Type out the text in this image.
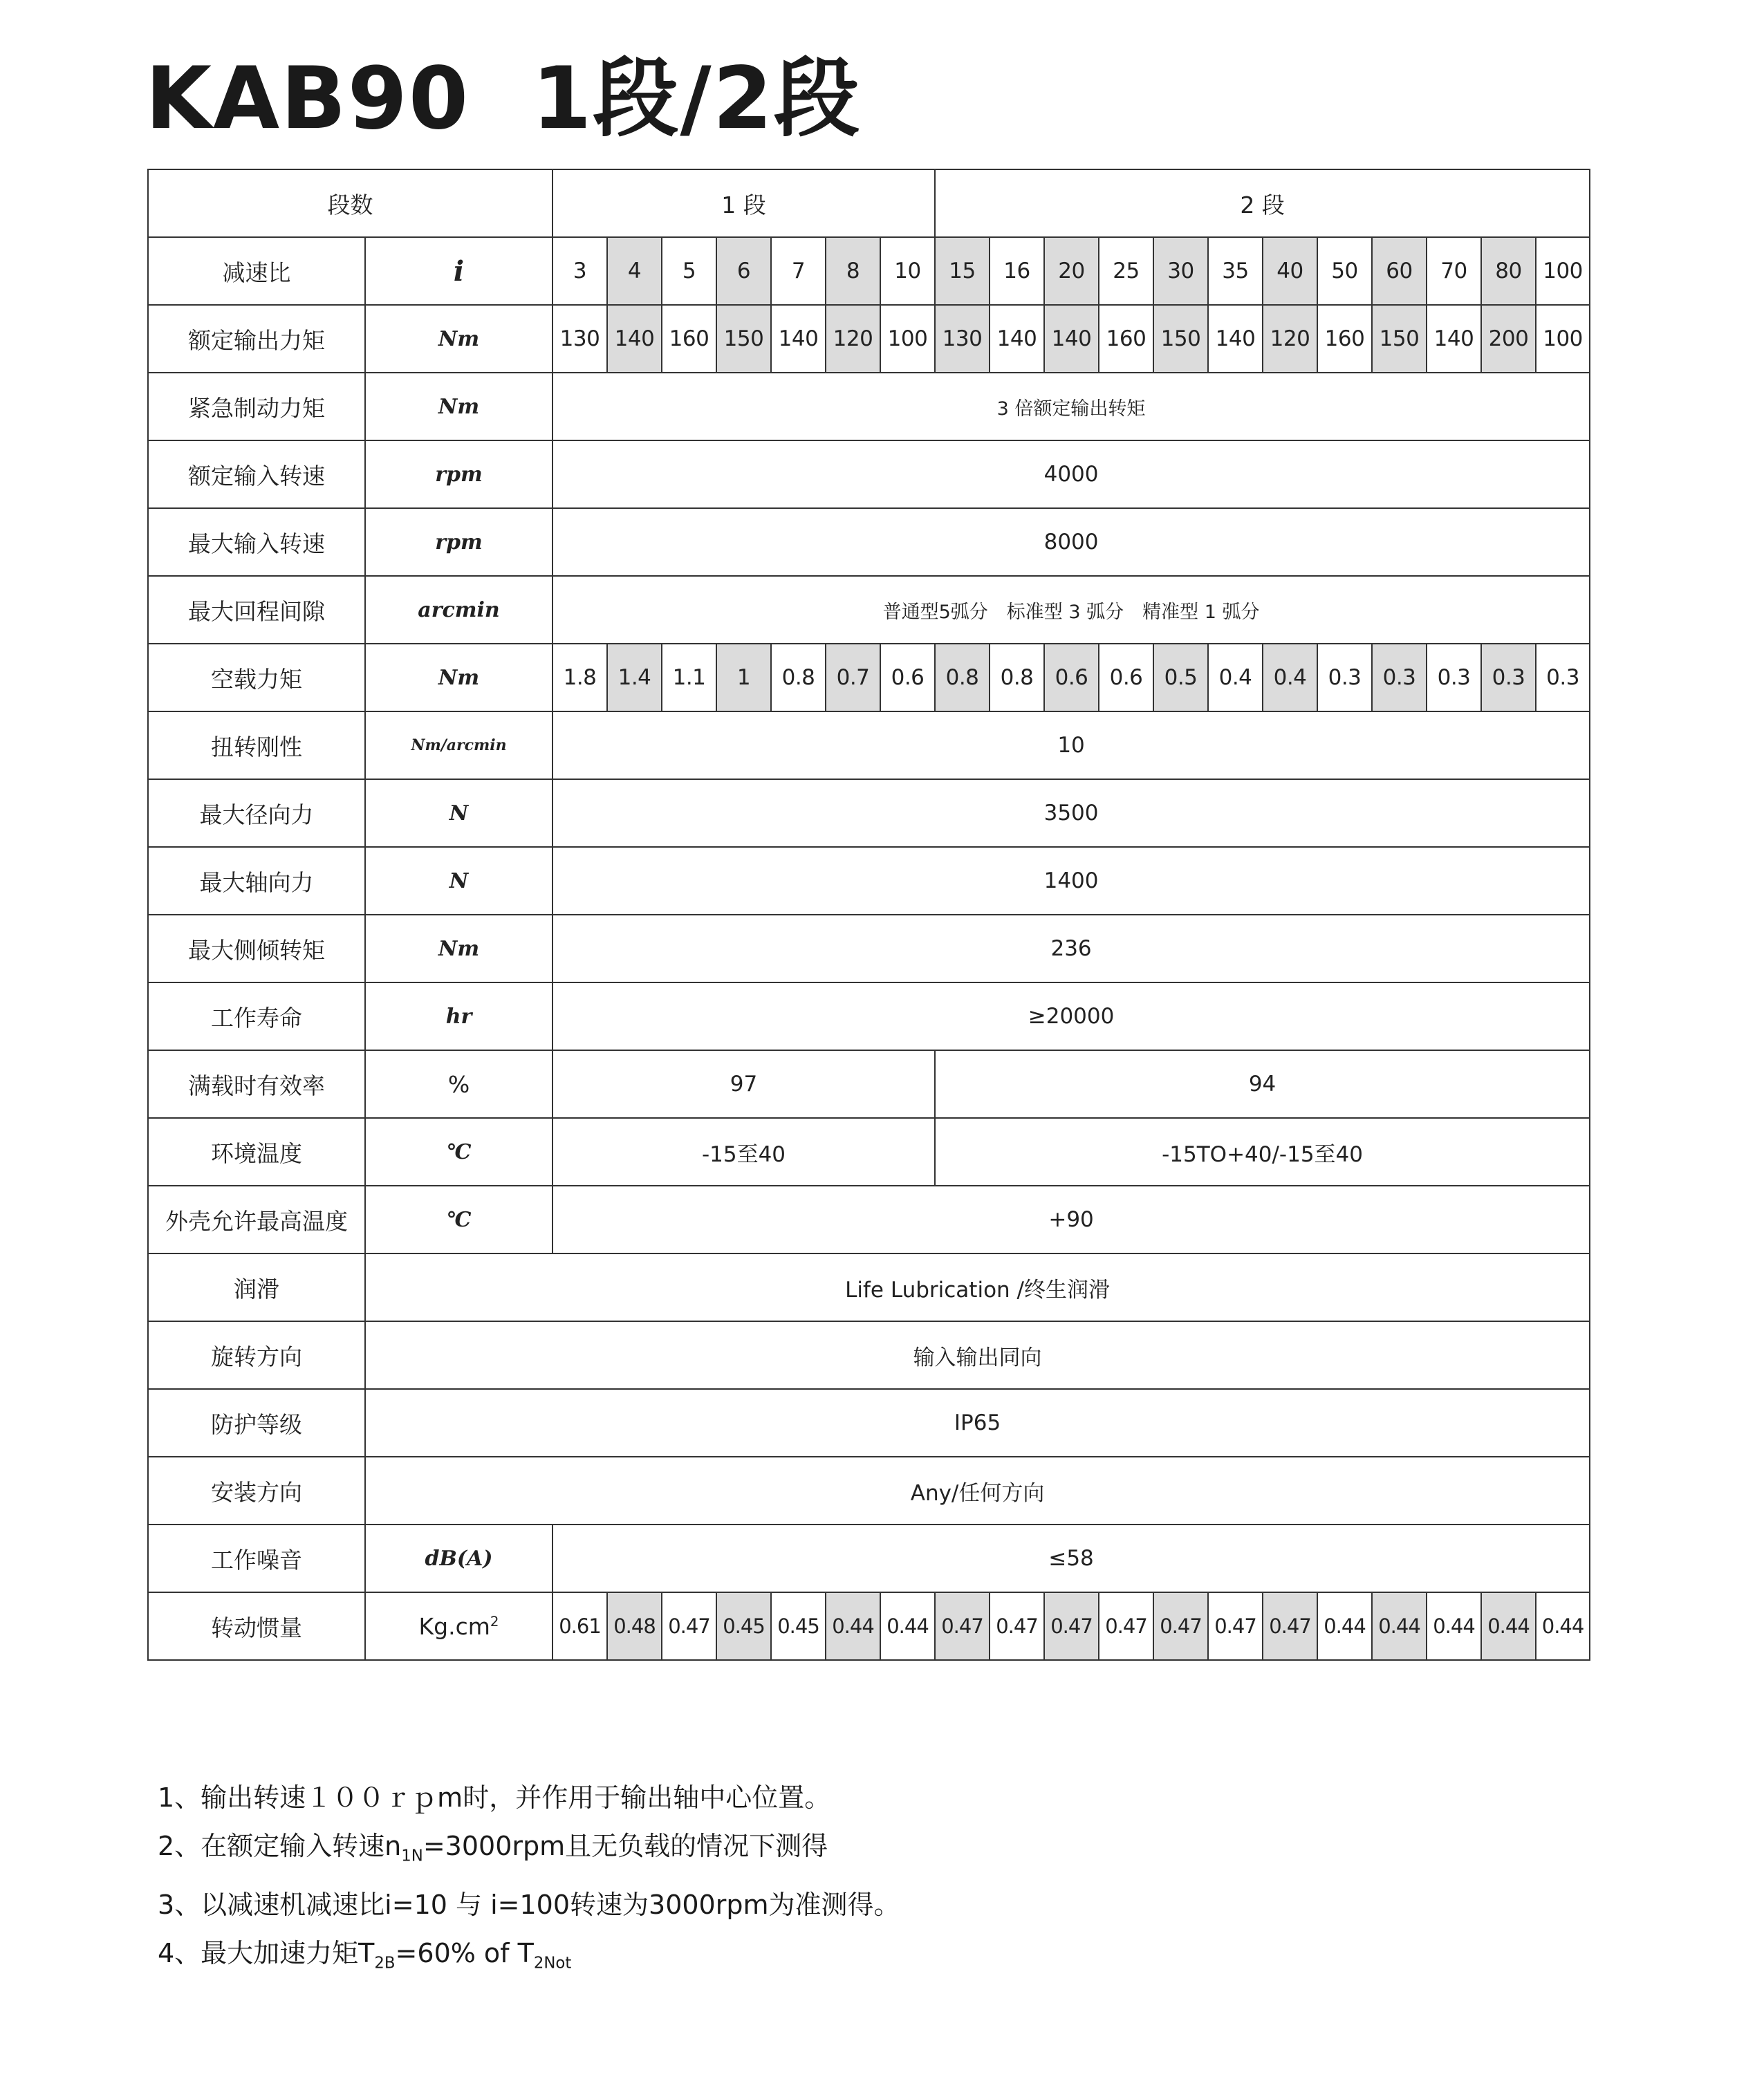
KAB90 1段/2段
段数		1 段							2 段											
减速比	i	3	4	5	6	7	8	10	15	16	20	25	30	35	40	50	60	70	80	100
额定输出力矩	Nm	130	140	160	150	140	120	100	130	140	140	160	150	140	120	160	150	140	200	100
紧急制动力矩	Nm	3 倍额定输出转矩																		
额定输入转速	rpm	4000																		
最大输入转速	rpm	8000																		
最大回程间隙	arcmin	普通型5弧分　标准型 3 弧分　精准型 1 弧分																		
空载力矩	Nm	1.8	1.4	1.1	1	0.8	0.7	0.6	0.8	0.8	0.6	0.6	0.5	0.4	0.4	0.3	0.3	0.3	0.3	0.3
扭转刚性	Nm/arcmin	10																		
最大径向力	N	3500																		
最大轴向力	N	1400																		
最大侧倾转矩	Nm	236																		
工作寿命	hr	≥20000																		
满载时有效率	%	97							94											
环境温度	℃	-15至40							-15TO+40/-15至40											
外壳允许最高温度	℃	+90																		
润滑	Life Lubrication /终生润滑																			
旋转方向	输入输出同向																			
防护等级	IP65																			
安装方向	Any/任何方向																			
工作噪音	dB(A)	≤58																		
转动惯量	$Kg.cm^2$	0.61	0.48	0.47	0.45	0.45	0.44	0.44	0.47	0.47	0.47	0.47	0.47	0.47	0.47	0.44	0.44	0.44	0.44	0.44
1、输出转速１００ｒｐm时，并作用于输出轴中心位置。
2、在额定输入转速$n_{1N}=3000rpm$且无负载的情况下测得
3、以减速机减速比i=10 与 i=100转速为3000rpm为准测得。
4、最大加速力矩$T_{2B}=60\%$ of $T_{2Not}$
